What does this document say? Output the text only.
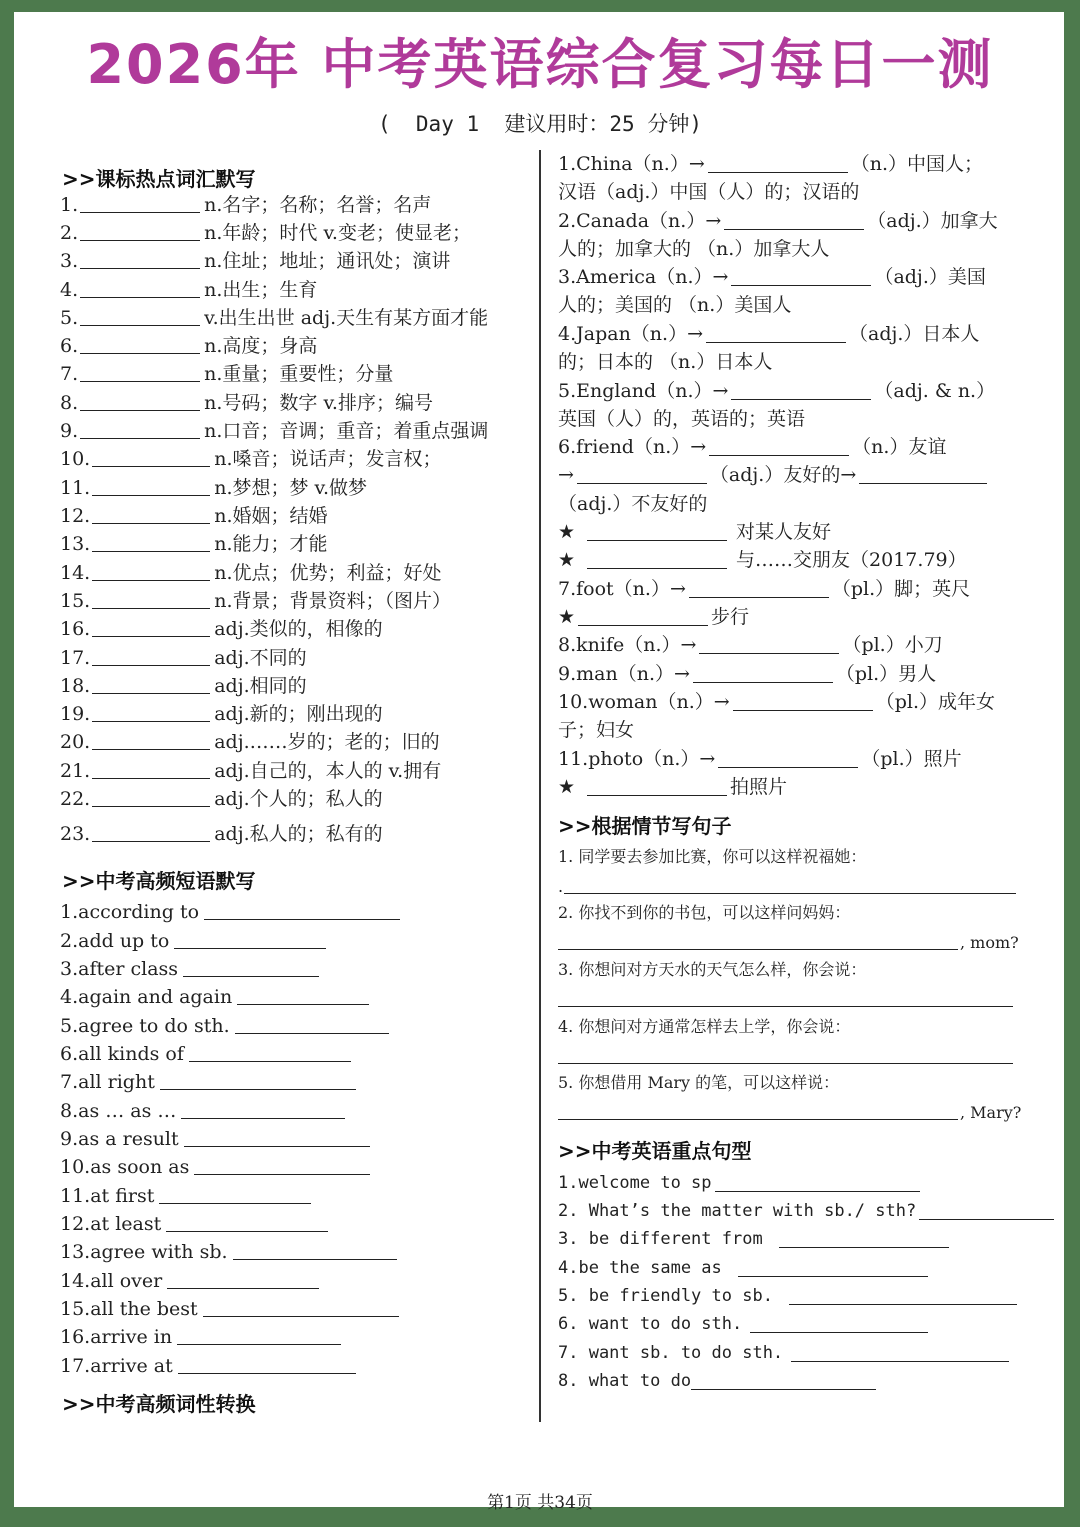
2026年 中考英语综合复习每日一测
(  Day 1  建议用时：25 分钟)
>>课标热点词汇默写
1.	n.名字；名称；名誉；名声
2.	n.年龄；时代 v.变老；使显老；
3.	n.住址；地址；通讯处；演讲
4.	n.出生；生育
5.	v.出生出世 adj.天生有某方面才能
6.	n.高度；身高
7.	n.重量；重要性；分量
8.	n.号码；数字 v.排序；编号
9.	n.口音；音调；重音；着重点强调
10.	n.嗓音；说话声；发言权；
11.	n.梦想；梦 v.做梦
12.	n.婚姻；结婚
13.	n.能力；才能
14.	n.优点；优势；利益；好处
15.	n.背景；背景资料；（图片）
16.	adj.类似的，相像的
17.	adj.不同的
18.	adj.相同的
19.	adj.新的；刚出现的
20.	adj.……岁的；老的；旧的
21.	adj.自己的，本人的 v.拥有
22.	adj.个人的；私人的
23.	adj.私人的；私有的
>>中考高频短语默写
1.according to
2.add up to
3.after class
4.again and again
5.agree to do sth.
6.all kinds of
7.all right
8.as … as …
9.as a result
10.as soon as
11.at first
12.at least
13.agree with sb.
14.all over
15.all the best
16.arrive in
17.arrive at
>>中考高频词性转换
1.China（n.）→	（n.）中国人；
汉语（adj.）中国（人）的；汉语的
2.Canada（n.）→	（adj.）加拿大
人的；加拿大的 （n.）加拿大人
3.America（n.）→	（adj.）美国
人的；美国的 （n.）美国人
4.Japan（n.）→	（adj.）日本人
的；日本的 （n.）日本人
5.England（n.）→	（adj. & n.）
英国（人）的，英语的；英语
6.friend（n.）→	（n.）友谊
→	（adj.）友好的→
（adj.）不友好的
★	对某人友好
★	与……交朋友（2017.79）
7.foot（n.）→	（pl.）脚；英尺
★	步行
8.knife（n.）→	（pl.）小刀
9.man（n.）→	（pl.）男人
10.woman（n.）→	（pl.）成年女
子；妇女
11.photo（n.）→	（pl.）照片
★	拍照片
>>根据情节写句子
1. 同学要去参加比赛，你可以这样祝福她：
.
2. 你找不到你的书包，可以这样问妈妈：
, mom?
3. 你想问对方天水的天气怎么样，你会说：
4. 你想问对方通常怎样去上学，你会说：
5. 你想借用 Mary 的笔，可以这样说：
, Mary?
>>中考英语重点句型
1.welcome to sp
2. What’s the matter with sb./ sth?
3. be different from
4.be the same as
5. be friendly to sb.
6. want to do sth.
7. want sb. to do sth.
8. what to do
第1页 共34页
